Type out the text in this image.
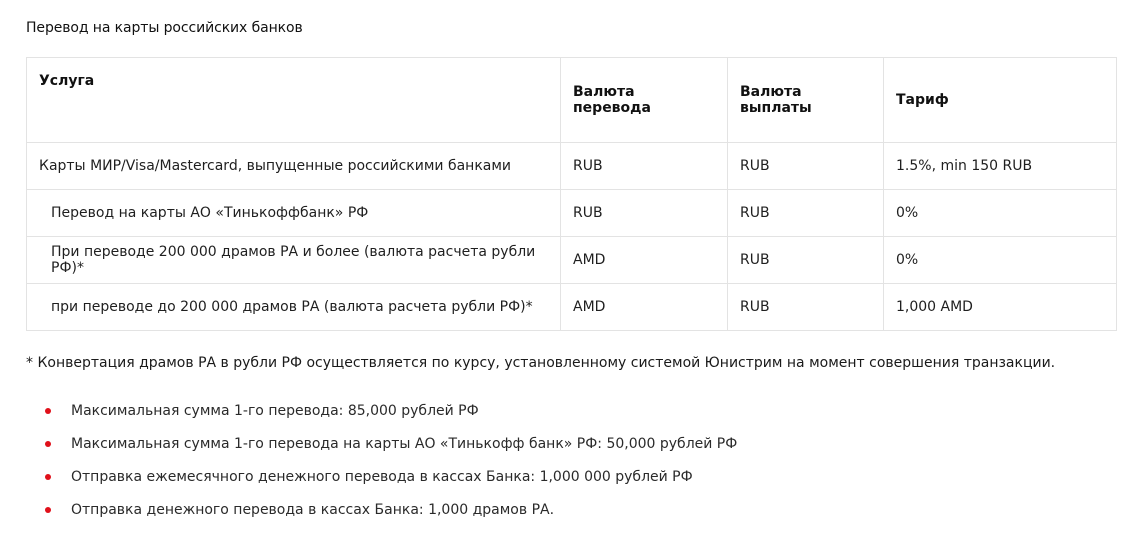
Перевод на карты российских банков
Услуга	Валюта перевода	Валюта выплаты	Тариф
Карты МИР/Visa/Mastercard, выпущенные российскими банками	RUB	RUB	1.5%, min 150 RUB
Перевод на карты АО «Тинькоффбанк» РФ	RUB	RUB	0%
При переводе 200 000 драмов РА и более (валюта расчета рубли РФ)*	AMD	RUB	0%
при переводе до 200 000 драмов РА (валюта расчета рубли РФ)*	AMD	RUB	1,000 AMD
* Конвертация драмов РА в рубли РФ осуществляется по курсу, установленному системой Юнистрим на момент совершения транзакции.
Максимальная сумма 1-го перевода: 85,000 рублей РФ
Максимальная сумма 1-го перевода на карты АО «Тинькофф банк» РФ: 50,000 рублей РФ
Отправка ежемесячного денежного перевода в кассах Банка: 1,000 000 рублей РФ
Отправка денежного перевода в кассах Банка: 1,000 драмов РА.
